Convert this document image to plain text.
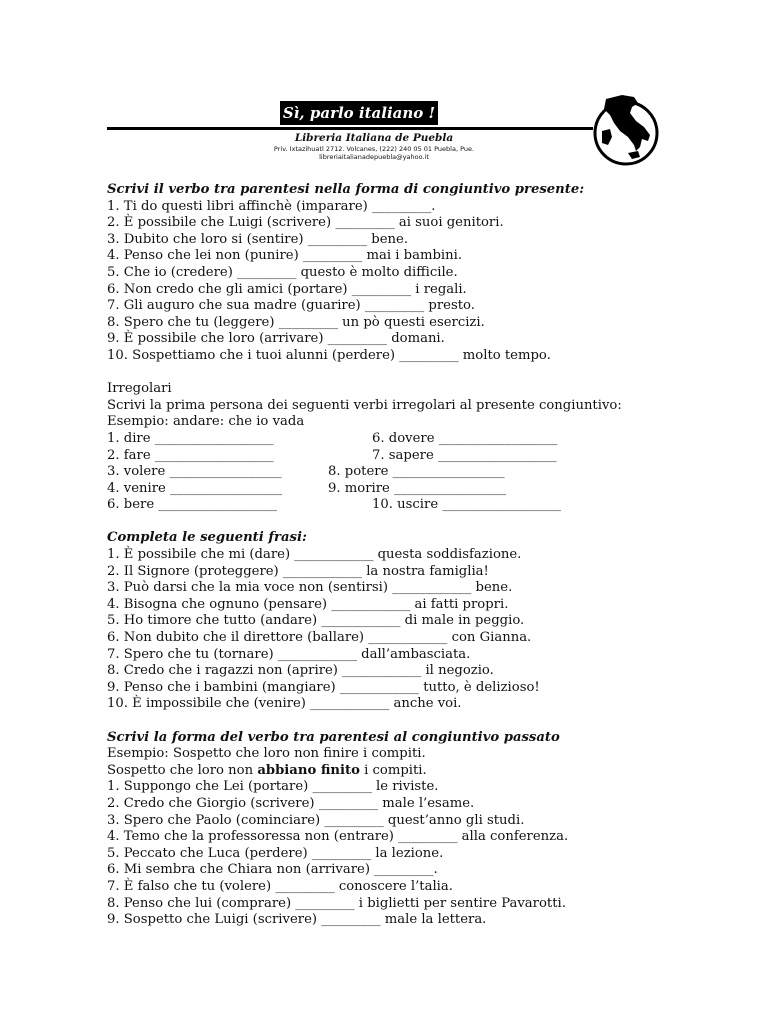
Sì, parlo italiano !
Libreria Italiana de Puebla
Priv. Ixtazihuatl 2712. Volcanes, (222) 240 05 01 Puebla, Pue.
libreriaitalianadepuebla@yahoo.it
Scrivi il verbo tra parentesi nella forma di congiuntivo presente:
1. Ti do questi libri affinchè (imparare) _________.
2. È possibile che Luigi (scrivere) _________ ai suoi genitori.
3. Dubito che loro si (sentire) _________ bene.
4. Penso che lei non (punire) _________ mai i bambini.
5. Che io (credere) _________ questo è molto difficile.
6. Non credo che gli amici (portare) _________ i regali.
7. Gli auguro che sua madre (guarire) _________ presto.
8. Spero che tu (leggere) _________ un pò questi esercizi.
9. È possibile che loro (arrivare) _________ domani.
10. Sospettiamo che i tuoi alunni (perdere) _________ molto tempo.
Irregolari
Scrivi la prima persona dei seguenti verbi irregolari al presente congiuntivo:
Esempio: andare: che io vada
1. dire __________________	6. dovere __________________
2. fare __________________	7. sapere __________________
3. volere _________________	8. potere _________________
4. venire _________________	9. morire _________________
6. bere __________________	10. uscire __________________
Completa le seguenti frasi:
1. È possibile che mi (dare) ____________ questa soddisfazione.
2. Il Signore (proteggere) ____________ la nostra famiglia!
3. Può darsi che la mia voce non (sentirsi) ____________ bene.
4. Bisogna che ognuno (pensare) ____________ ai fatti propri.
5. Ho timore che tutto (andare) ____________ di male in peggio.
6. Non dubito che il direttore (ballare) ____________ con Gianna.
7. Spero che tu (tornare) ____________ dall’ambasciata.
8. Credo che i ragazzi non (aprire) ____________ il negozio.
9. Penso che i bambini (mangiare) ____________ tutto, è delizioso!
10. È impossibile che (venire) ____________ anche voi.
Scrivi la forma del verbo tra parentesi al congiuntivo passato
Esempio: Sospetto che loro non finire i compiti.
Sospetto che loro non abbiano finito i compiti.
1. Suppongo che Lei (portare) _________ le riviste.
2. Credo che Giorgio (scrivere) _________ male l’esame.
3. Spero che Paolo (cominciare) _________ quest’anno gli studi.
4. Temo che la professoressa non (entrare) _________ alla conferenza.
5. Peccato che Luca (perdere) _________ la lezione.
6. Mi sembra che Chiara non (arrivare) _________.
7. È falso che tu (volere) _________ conoscere l’talia.
8. Penso che lui (comprare) _________ i biglietti per sentire Pavarotti.
9. Sospetto che Luigi (scrivere) _________ male la lettera.
